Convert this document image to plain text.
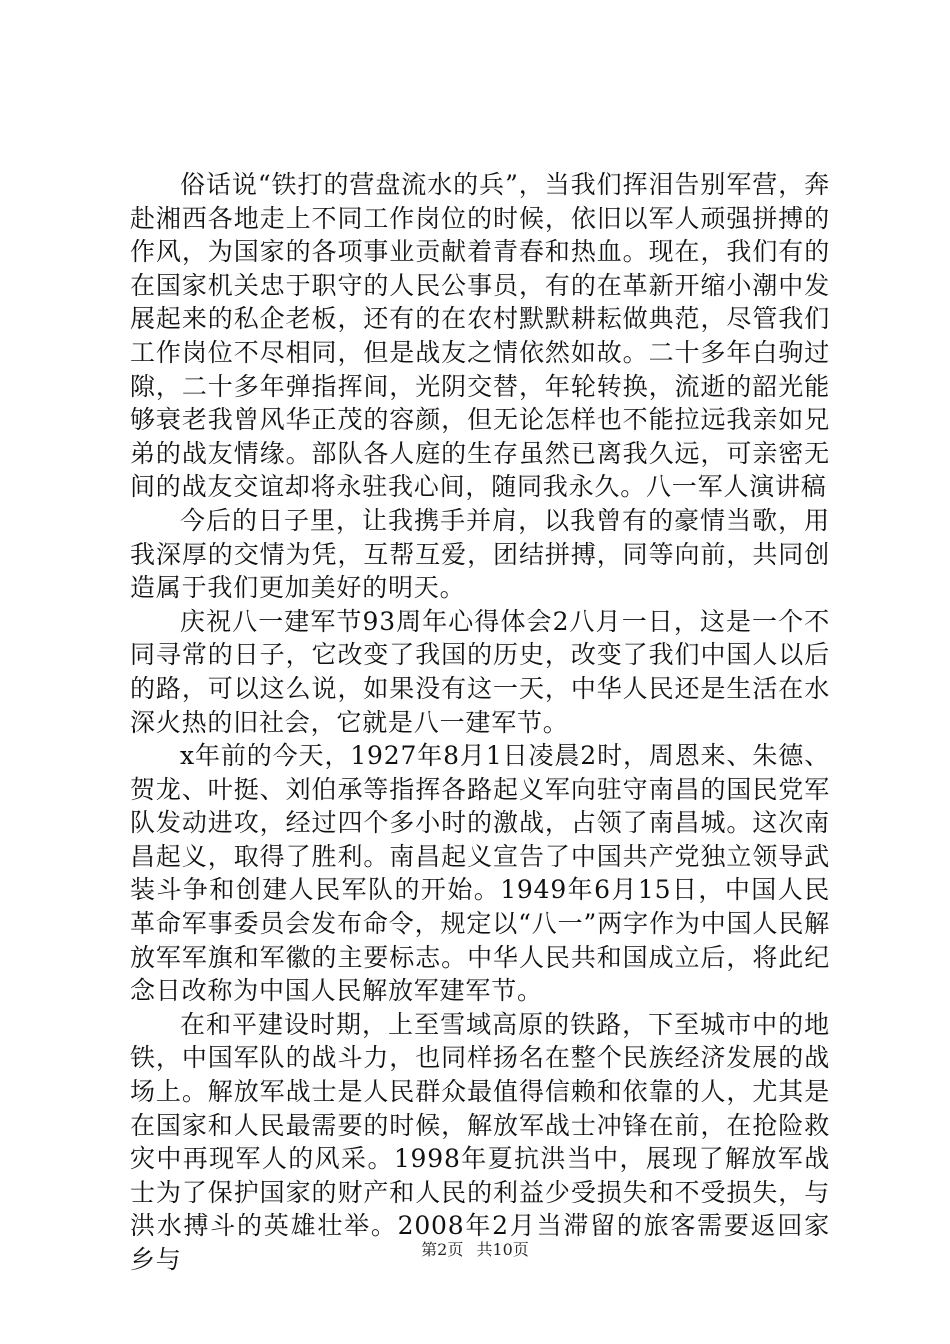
俗话说“铁打的营盘流水的兵”，当我们挥泪告别军营，奔赴湘西各地走上不同工作岗位的时候，依旧以军人顽强拼搏的作风，为国家的各项事业贡献着青春和热血。现在，我们有的在国家机关忠于职守的人民公事员，有的在革新开缩小潮中发展起来的私企老板，还有的在农村默默耕耘做典范，尽管我们工作岗位不尽相同，但是战友之情依然如故。二十多年白驹过隙，二十多年弹指挥间，光阴交替，年轮转换，流逝的韶光能够衰老我曾风华正茂的容颜，但无论怎样也不能拉远我亲如兄弟的战友情缘。部队各人庭的生存虽然已离我久远，可亲密无间的战友交谊却将永驻我心间，随同我永久。八一军人演讲稿

今后的日子里，让我携手并肩，以我曾有的豪情当歌，用我深厚的交情为凭，互帮互爱，团结拼搏，同等向前，共同创造属于我们更加美好的明天。

庆祝八一建军节93周年心得体会2八月一日，这是一个不同寻常的日子，它改变了我国的历史，改变了我们中国人以后的路，可以这么说，如果没有这一天，中华人民还是生活在水深火热的旧社会，它就是八一建军节。

x年前的今天，1927年8月1日凌晨2时，周恩来、朱德、贺龙、叶挺、刘伯承等指挥各路起义军向驻守南昌的国民党军队发动进攻，经过四个多小时的激战，占领了南昌城。这次南昌起义，取得了胜利。南昌起义宣告了中国共产党独立领导武装斗争和创建人民军队的开始。1949年6月15日，中国人民革命军事委员会发布命令，规定以“八一”两字作为中国人民解放军军旗和军徽的主要标志。中华人民共和国成立后，将此纪念日改称为中国人民解放军建军节。

在和平建设时期，上至雪域高原的铁路，下至城市中的地铁，中国军队的战斗力，也同样扬名在整个民族经济发展的战场上。解放军战士是人民群众最值得信赖和依靠的人，尤其是在国家和人民最需要的时候，解放军战士冲锋在前，在抢险救灾中再现军人的风采。1998年夏抗洪当中，展现了解放军战士为了保护国家的财产和人民的利益少受损失和不受损失，与洪水搏斗的英雄壮举。2008年2月当滞留的旅客需要返回家乡与	第2页 共10页
